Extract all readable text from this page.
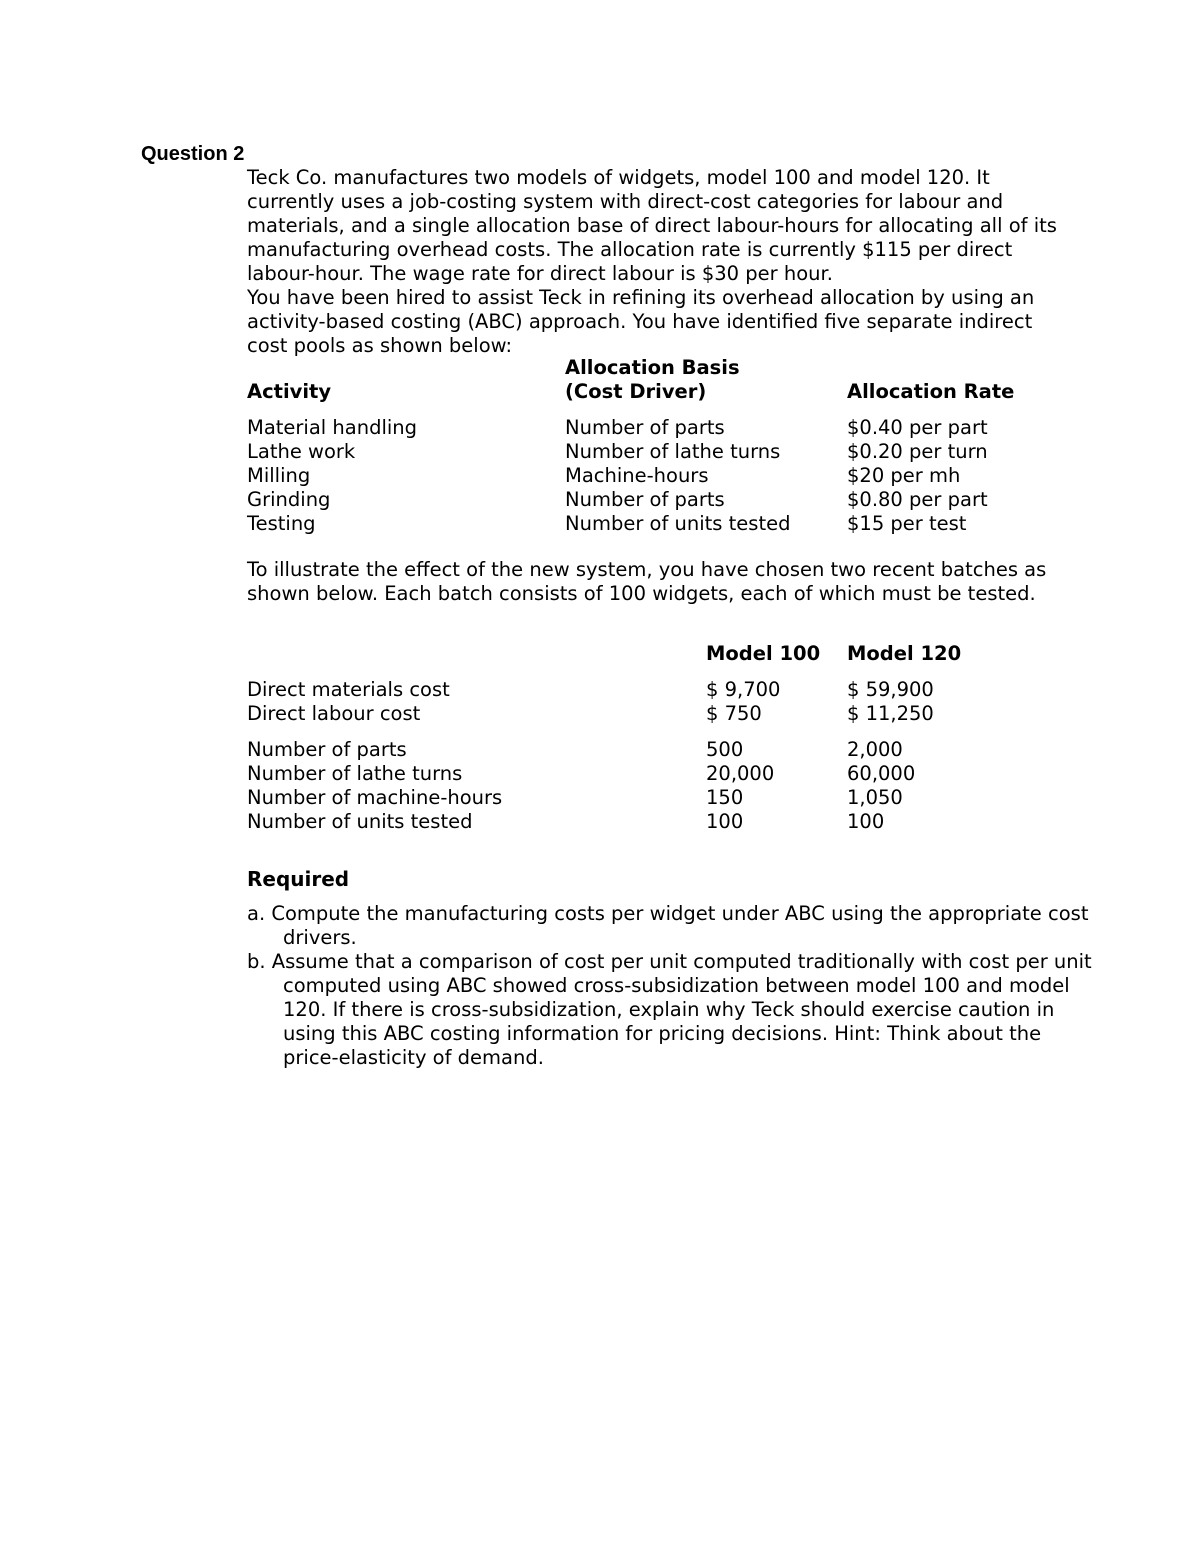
Question 2

Teck Co. manufactures two models of widgets, model 100 and model 120. It currently uses a job-costing system with direct-cost categories for labour and materials, and a single allocation base of direct labour-hours for allocating all of its manufacturing overhead costs. The allocation rate is currently $115 per direct labour-hour. The wage rate for direct labour is $30 per hour.

You have been hired to assist Teck in refining its overhead allocation by using an activity-based costing (ABC) approach. You have identified five separate indirect cost pools as shown below:

Allocation Basis
Activity	(Cost Driver)	Allocation Rate
Material handling	Number of parts	$0.40 per part
Lathe work	Number of lathe turns	$0.20 per turn
Milling	Machine-hours	$20 per mh
Grinding	Number of parts	$0.80 per part
Testing	Number of units tested	$15 per test

To illustrate the effect of the new system, you have chosen two recent batches as shown below. Each batch consists of 100 widgets, each of which must be tested.

Model 100 Model 120
Direct materials cost	$ 9,700	$ 59,900
Direct labour cost	$ 750	$ 11,250
Number of parts	500	2,000
Number of lathe turns	20,000	60,000
Number of machine-hours	150	1,050
Number of units tested	100	100
Required

a. Compute the manufacturing costs per widget under ABC using the appropriate cost drivers.

b. Assume that a comparison of cost per unit computed traditionally with cost per unit computed using ABC showed cross-subsidization between model 100 and model 120. If there is cross-subsidization, explain why Teck should exercise caution in using this ABC costing information for pricing decisions. Hint: Think about the price-elasticity of demand.
